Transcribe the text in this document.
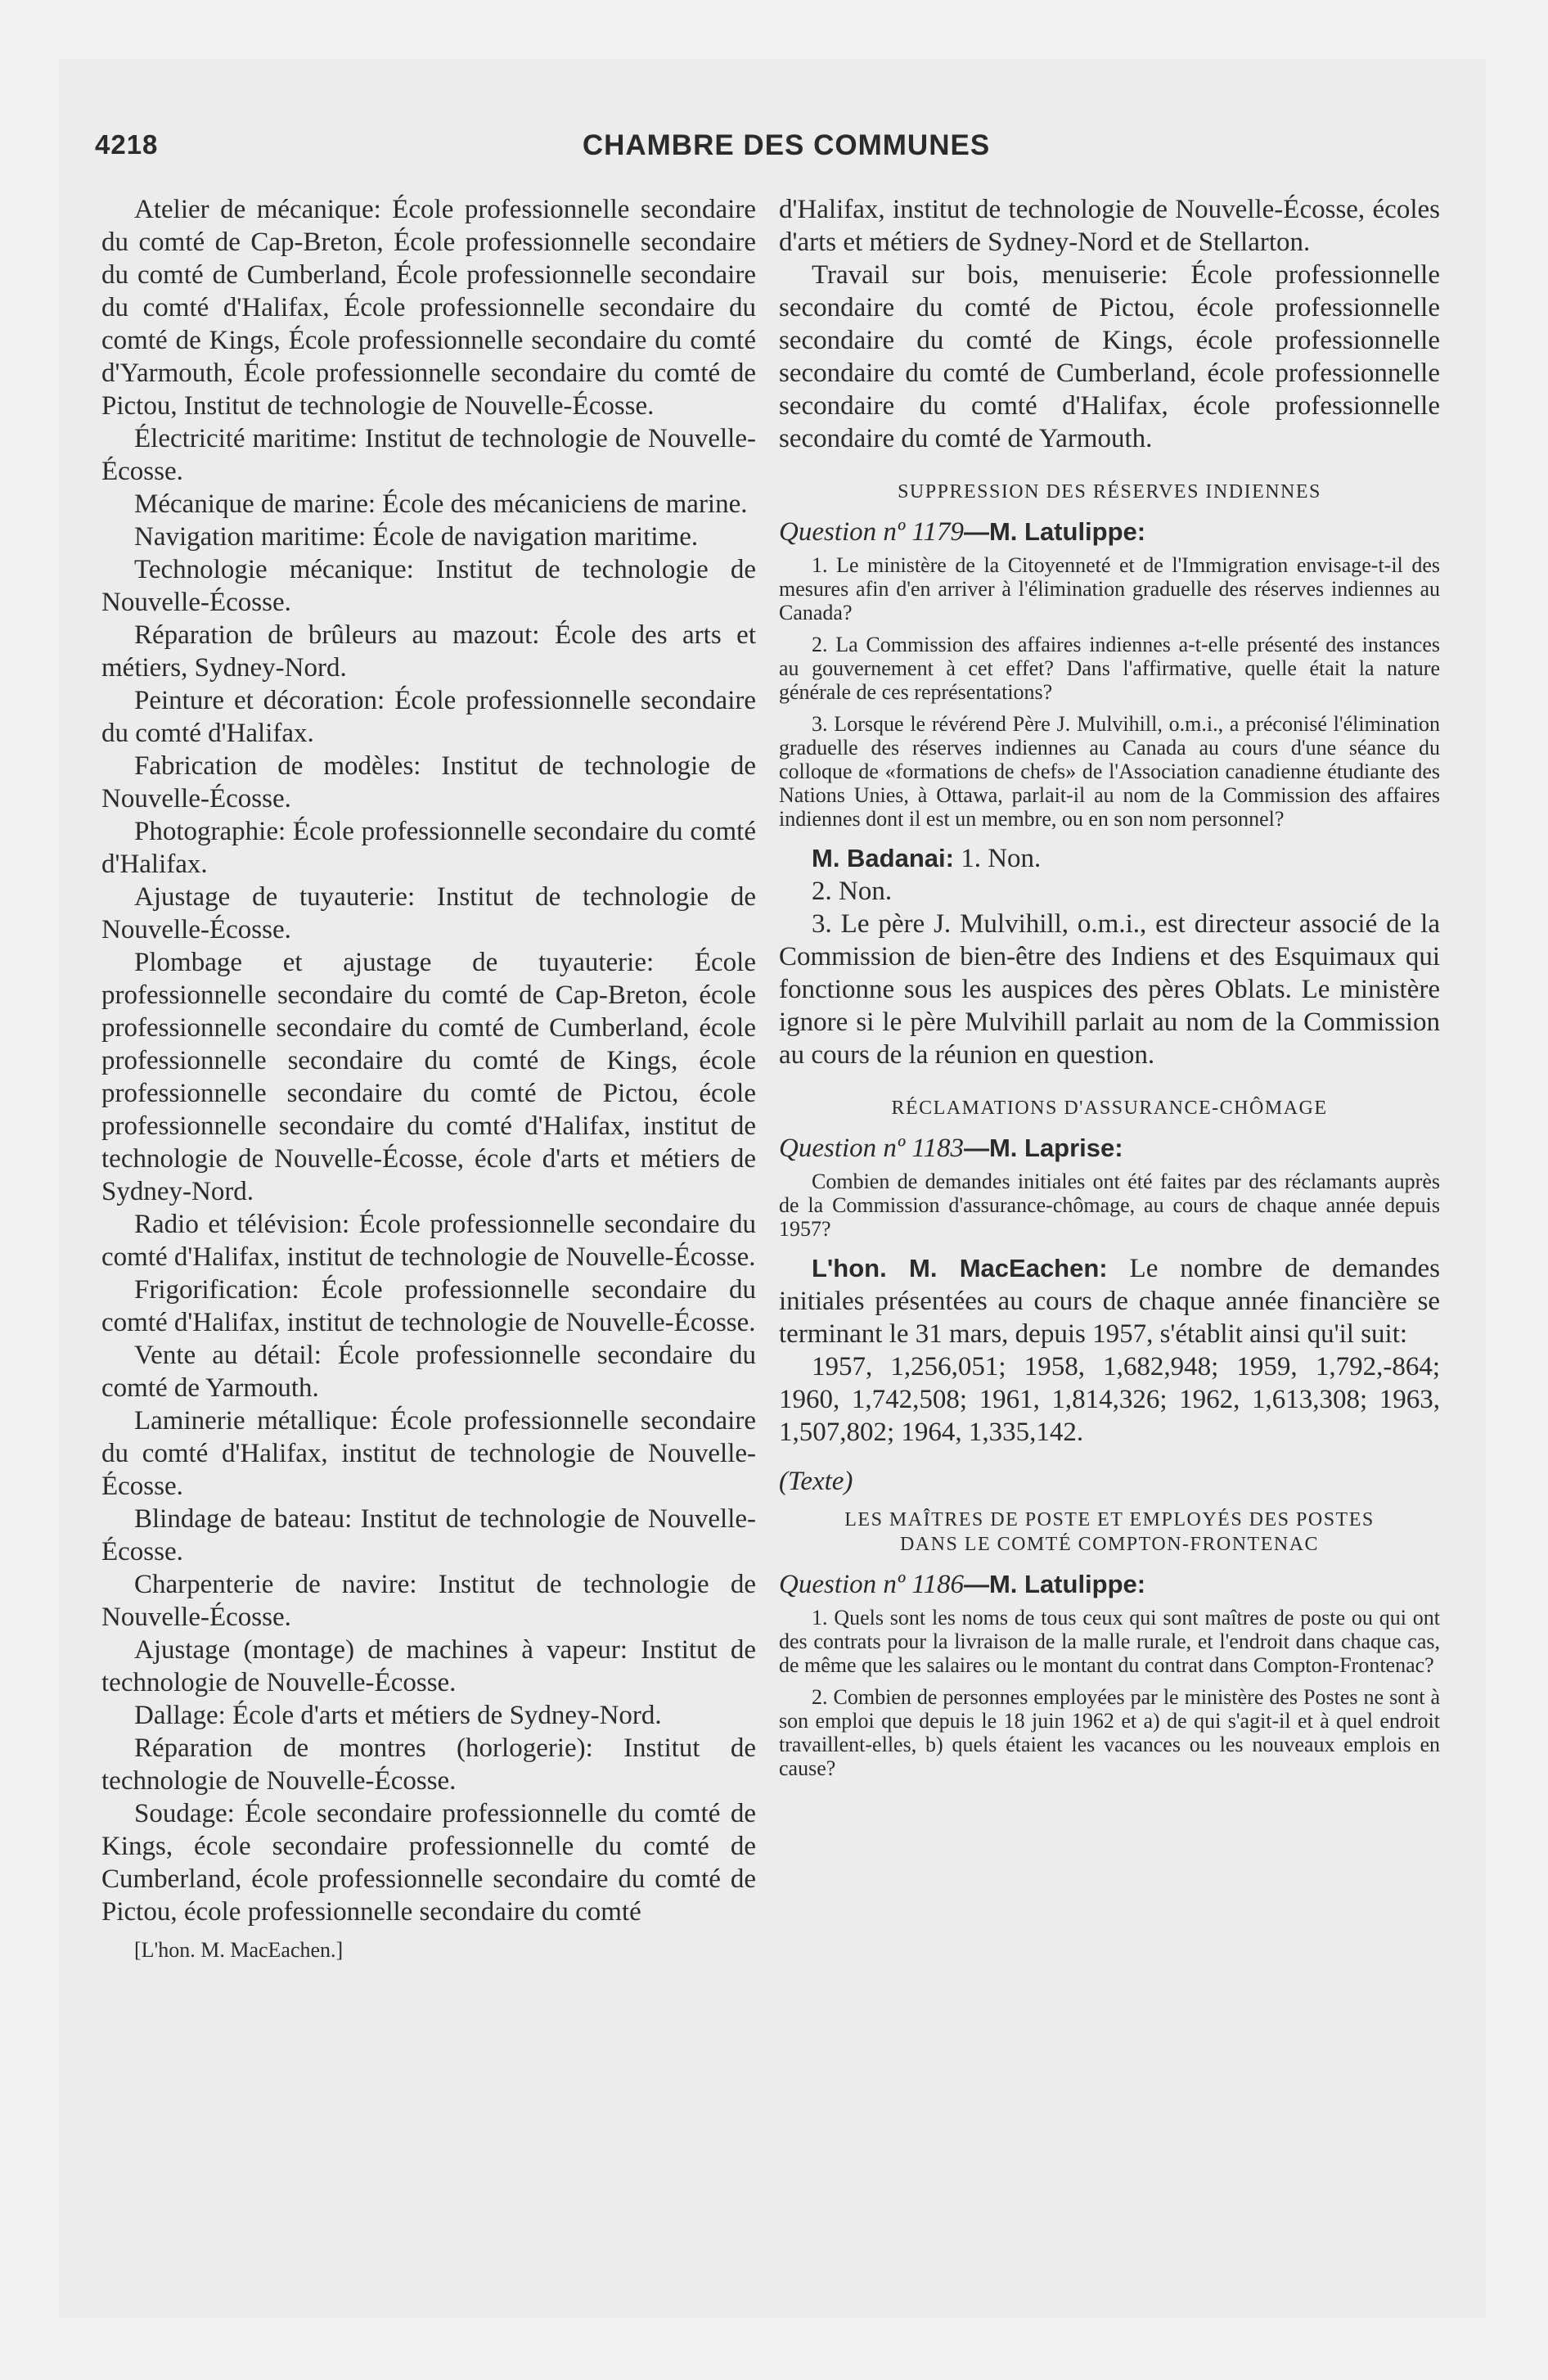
4218	CHAMBRE DES COMMUNES

Atelier de mécanique: École professionnelle secondaire du comté de Cap-Breton, École professionnelle secondaire du comté de Cumberland, École professionnelle secondaire du comté d'Halifax, École professionnelle secondaire du comté de Kings, École professionnelle secondaire du comté d'Yarmouth, École professionnelle secondaire du comté de Pictou, Institut de technologie de Nouvelle-Écosse.

Électricité maritime: Institut de technologie de Nouvelle-Écosse.

Mécanique de marine: École des mécaniciens de marine.

Navigation maritime: École de navigation maritime.

Technologie mécanique: Institut de technologie de Nouvelle-Écosse.

Réparation de brûleurs au mazout: École des arts et métiers, Sydney-Nord.

Peinture et décoration: École professionnelle secondaire du comté d'Halifax.

Fabrication de modèles: Institut de technologie de Nouvelle-Écosse.

Photographie: École professionnelle secondaire du comté d'Halifax.

Ajustage de tuyauterie: Institut de technologie de Nouvelle-Écosse.

Plombage et ajustage de tuyauterie: École professionnelle secondaire du comté de Cap-Breton, école professionnelle secondaire du comté de Cumberland, école professionnelle secondaire du comté de Kings, école professionnelle secondaire du comté de Pictou, école professionnelle secondaire du comté d'Halifax, institut de technologie de Nouvelle-Écosse, école d'arts et métiers de Sydney-Nord.

Radio et télévision: École professionnelle secondaire du comté d'Halifax, institut de technologie de Nouvelle-Écosse.

Frigorification: École professionnelle secondaire du comté d'Halifax, institut de technologie de Nouvelle-Écosse.

Vente au détail: École professionnelle secondaire du comté de Yarmouth.

Laminerie métallique: École professionnelle secondaire du comté d'Halifax, institut de technologie de Nouvelle-Écosse.

Blindage de bateau: Institut de technologie de Nouvelle-Écosse.

Charpenterie de navire: Institut de technologie de Nouvelle-Écosse.

Ajustage (montage) de machines à vapeur: Institut de technologie de Nouvelle-Écosse.

Dallage: École d'arts et métiers de Sydney-Nord.

Réparation de montres (horlogerie): Institut de technologie de Nouvelle-Écosse.

Soudage: École secondaire professionnelle du comté de Kings, école secondaire professionnelle du comté de Cumberland, école professionnelle secondaire du comté de Pictou, école professionnelle secondaire du comté

[L'hon. M. MacEachen.]

d'Halifax, institut de technologie de Nouvelle-Écosse, écoles d'arts et métiers de Sydney-Nord et de Stellarton.

Travail sur bois, menuiserie: École professionnelle secondaire du comté de Pictou, école professionnelle secondaire du comté de Kings, école professionnelle secondaire du comté de Cumberland, école professionnelle secondaire du comté d'Halifax, école professionnelle secondaire du comté de Yarmouth.

SUPPRESSION DES RÉSERVES INDIENNES

Question nº 1179—M. Latulippe:

1. Le ministère de la Citoyenneté et de l'Immigration envisage-t-il des mesures afin d'en arriver à l'élimination graduelle des réserves indiennes au Canada?

2. La Commission des affaires indiennes a-t-elle présenté des instances au gouvernement à cet effet? Dans l'affirmative, quelle était la nature générale de ces représentations?

3. Lorsque le révérend Père J. Mulvihill, o.m.i., a préconisé l'élimination graduelle des réserves indiennes au Canada au cours d'une séance du colloque de «formations de chefs» de l'Association canadienne étudiante des Nations Unies, à Ottawa, parlait-il au nom de la Commission des affaires indiennes dont il est un membre, ou en son nom personnel?

M. Badanai: 1. Non.

2. Non.

3. Le père J. Mulvihill, o.m.i., est directeur associé de la Commission de bien-être des Indiens et des Esquimaux qui fonctionne sous les auspices des pères Oblats. Le ministère ignore si le père Mulvihill parlait au nom de la Commission au cours de la réunion en question.

RÉCLAMATIONS D'ASSURANCE-CHÔMAGE

Question nº 1183—M. Laprise:

Combien de demandes initiales ont été faites par des réclamants auprès de la Commission d'assurance-chômage, au cours de chaque année depuis 1957?

L'hon. M. MacEachen: Le nombre de demandes initiales présentées au cours de chaque année financière se terminant le 31 mars, depuis 1957, s'établit ainsi qu'il suit:

1957, 1,256,051; 1958, 1,682,948; 1959, 1,792,-864; 1960, 1,742,508; 1961, 1,814,326; 1962, 1,613,308; 1963, 1,507,802; 1964, 1,335,142.

(Texte)

LES MAÎTRES DE POSTE ET EMPLOYÉS DES POSTES

DANS LE COMTÉ COMPTON-FRONTENAC

Question nº 1186—M. Latulippe:

1. Quels sont les noms de tous ceux qui sont maîtres de poste ou qui ont des contrats pour la livraison de la malle rurale, et l'endroit dans chaque cas, de même que les salaires ou le montant du contrat dans Compton-Frontenac?

2. Combien de personnes employées par le ministère des Postes ne sont à son emploi que depuis le 18 juin 1962 et a) de qui s'agit-il et à quel endroit travaillent-elles, b) quels étaient les vacances ou les nouveaux emplois en cause?
